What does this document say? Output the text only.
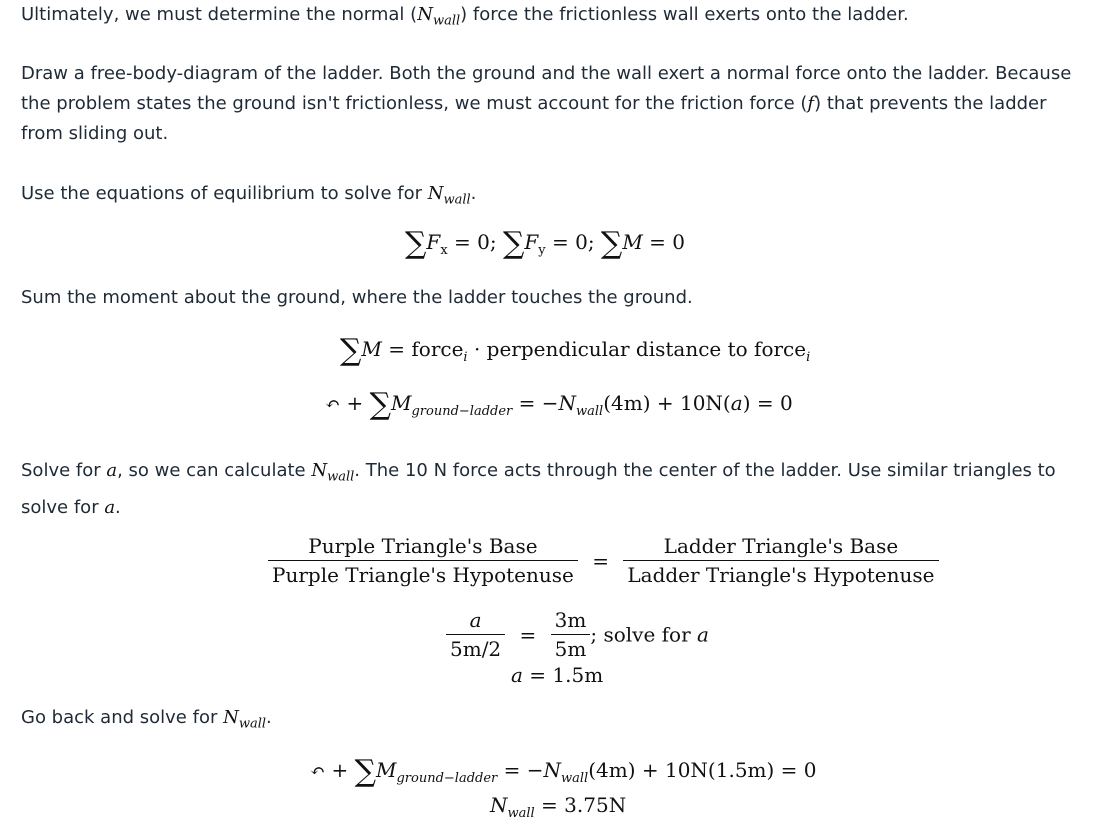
Ultimately, we must determine the normal $(N_{wall})$ force the frictionless wall exerts onto the ladder.
Draw a free-body-diagram of the ladder. Both the ground and the wall exert a normal force onto the ladder. Because the problem states the ground isn't frictionless, we must account for the friction force (f) that prevents the ladder from sliding out.
Use the equations of equilibrium to solve for $N_{wall}$.
$\sum F_x = 0$; $\sum F_y = 0$; ∑M = 0
Sum the moment about the ground, where the ladder touches the ground.
∑M = force$_i$ · perpendicular distance to force$_i$
↶ + $\sum M_{ground-ladder} = -N_{wall}(4m) + 10N(a) = 0$
Solve for a, so we can calculate $N_{wall}$. The 10 N force acts through the center of the ladder. Use similar triangles to solve for a.
$\frac{\text{Purple Triangle's Base}}{\text{Purple Triangle's Hypotenuse}} = \frac{\text{Ladder Triangle's Base}}{\text{Ladder Triangle's Hypotenuse}}$
$\frac{a}{5m/2} = \frac{3m}{5m}$ ; solve for a
a = 1.5m
Go back and solve for $N_{wall}$.
↶ + $\sum M_{ground-ladder} = -N_{wall}(4m) + 10N(1.5m) = 0$
$N_{wall} = 3.75N$
